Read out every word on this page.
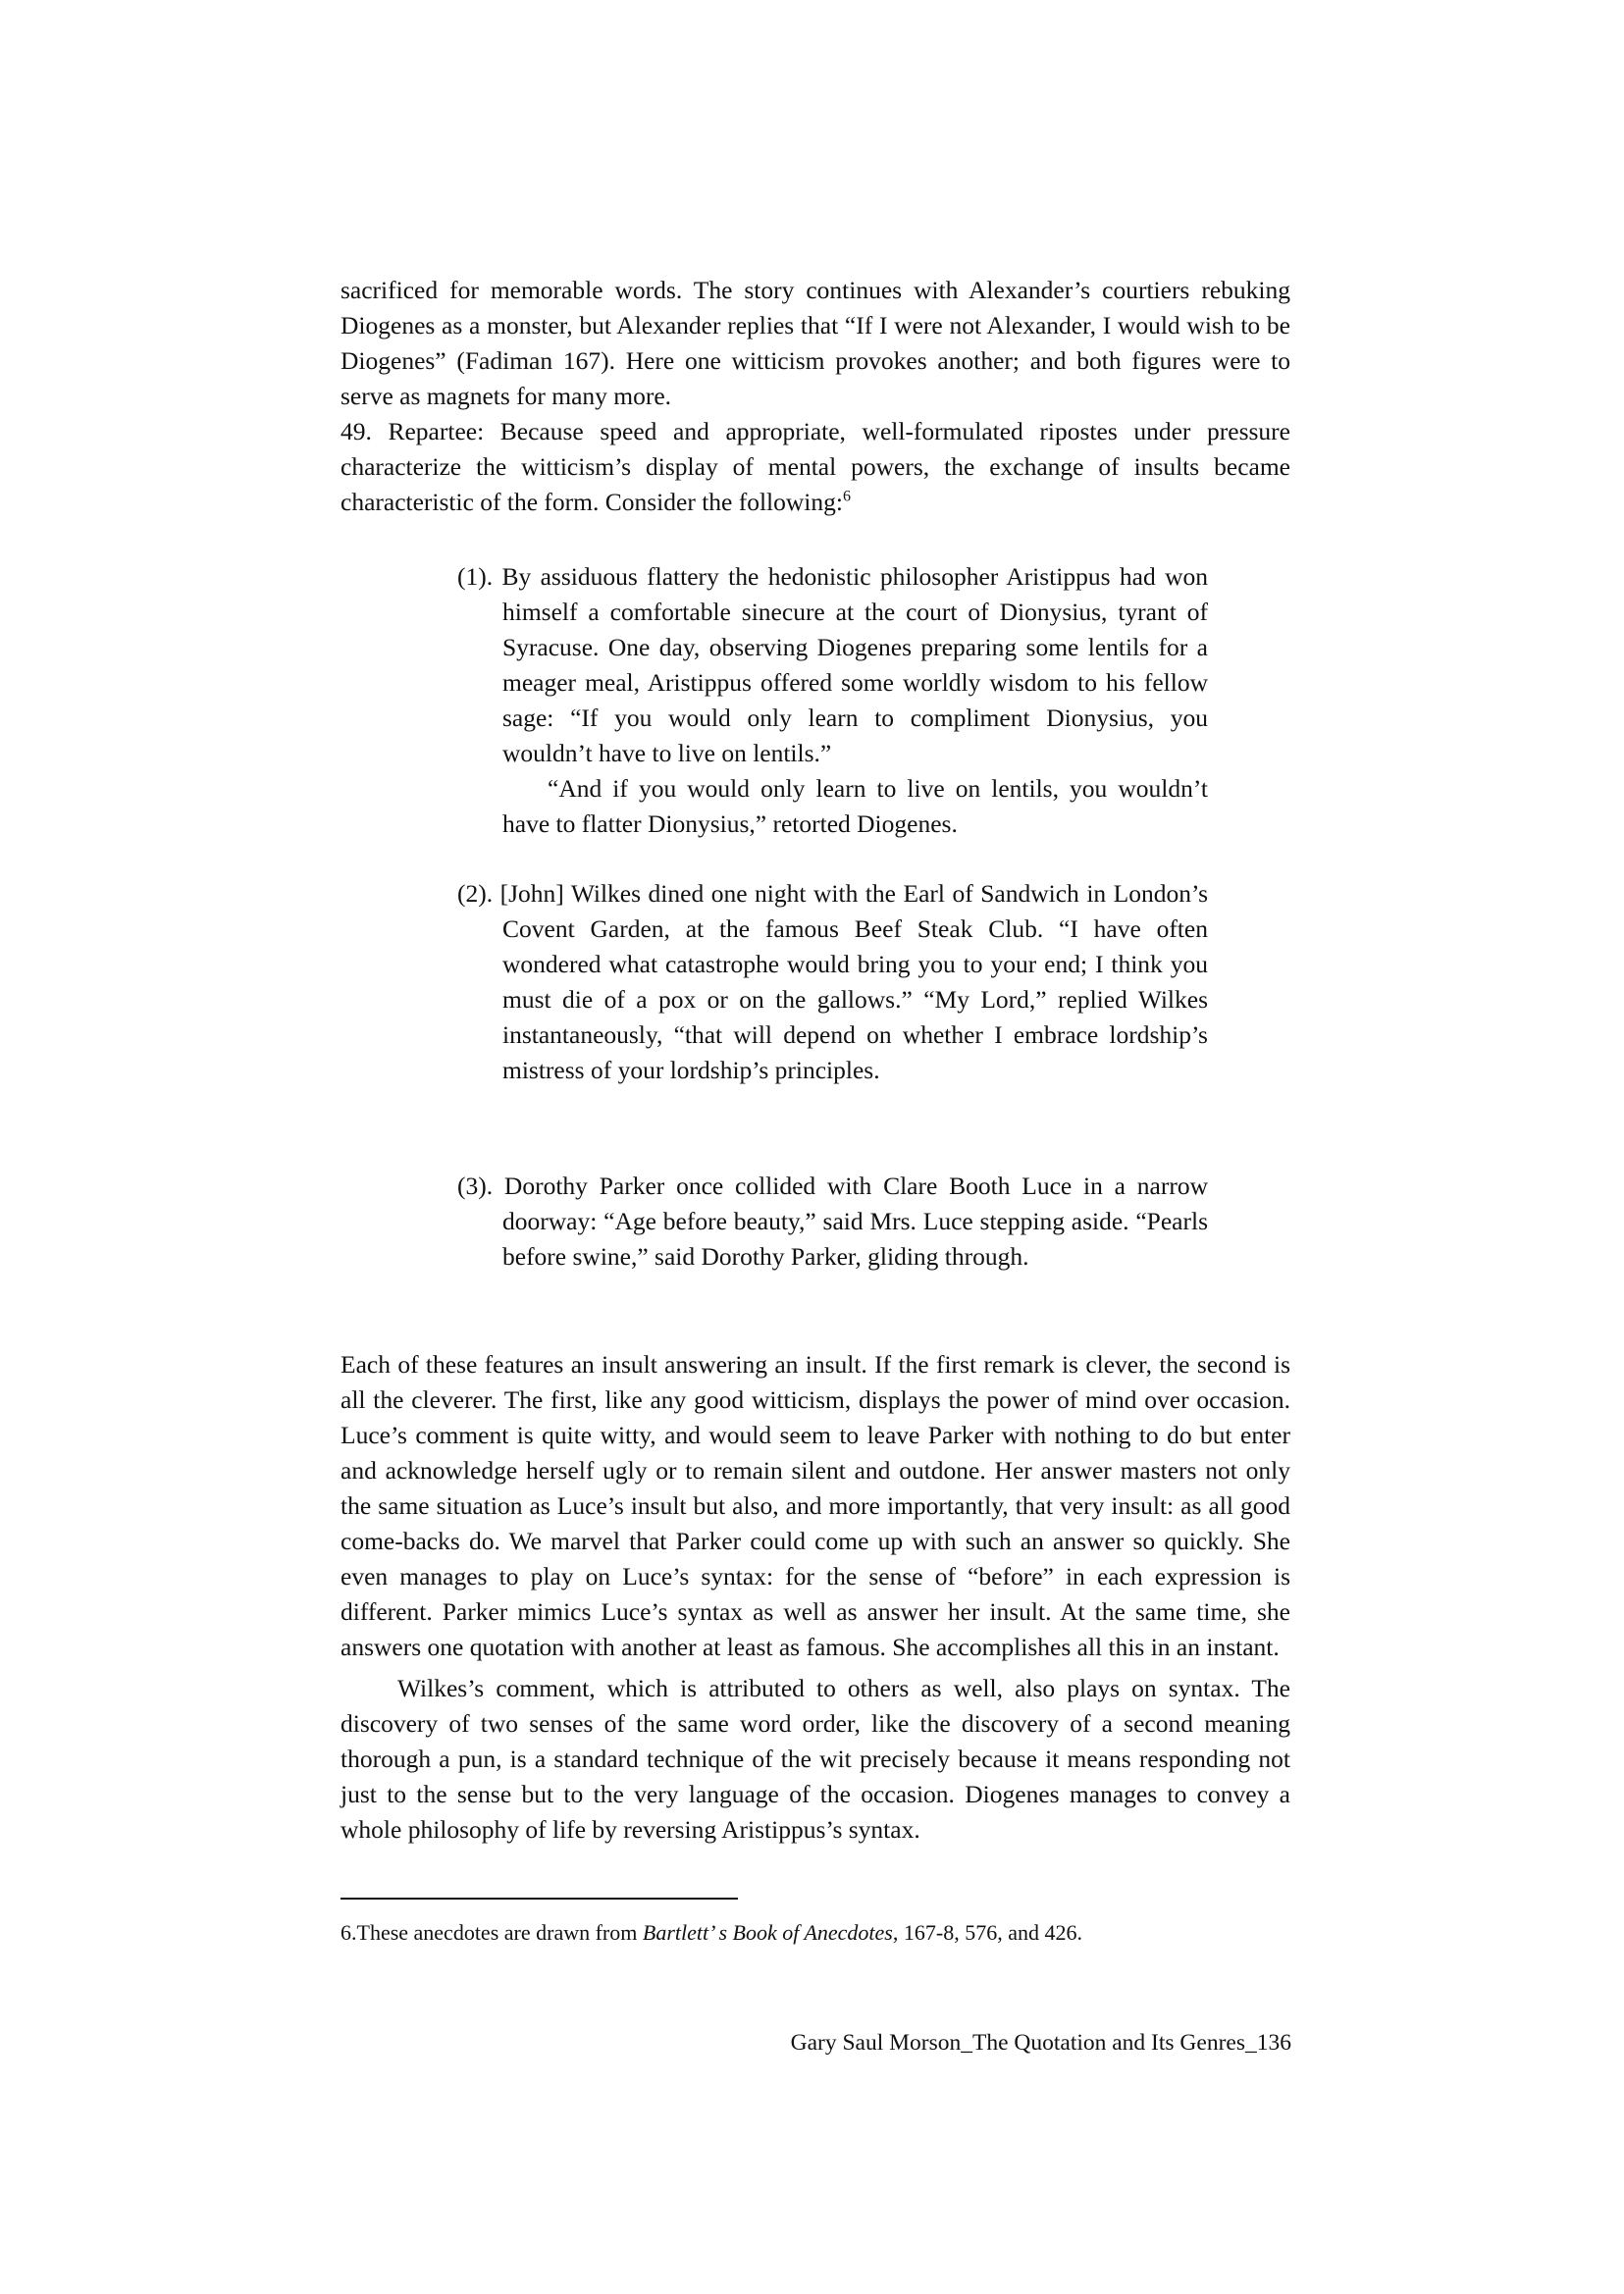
sacrificed for memorable words. The story continues with Alexander’s courtiers rebuking Diogenes as a monster, but Alexander replies that “If I were not Alexander, I would wish to be Diogenes” (Fadiman 167). Here one witticism provokes another; and both figures were to serve as magnets for many more.

49. Repartee: Because speed and appropriate, well-formulated ripostes under pressure characterize the witticism’s display of mental powers, the exchange of insults became characteristic of the form. Consider the following:$^6$

(1). By assiduous flattery the hedonistic philosopher Aristippus had won himself a comfortable sinecure at the court of Dionysius, tyrant of Syracuse. One day, observing Diogenes preparing some lentils for a meager meal, Aristippus offered some worldly wisdom to his fellow sage: “If you would only learn to compliment Dionysius, you wouldn’t have to live on lentils.”

“And if you would only learn to live on lentils, you wouldn’t have to flatter Dionysius,” retorted Diogenes.

(2). [John] Wilkes dined one night with the Earl of Sandwich in London’s Covent Garden, at the famous Beef Steak Club. “I have often wondered what catastrophe would bring you to your end; I think you must die of a pox or on the gallows.” “My Lord,” replied Wilkes instantaneously, “that will depend on whether I embrace lordship’s mistress of your lordship’s principles.

(3). Dorothy Parker once collided with Clare Booth Luce in a narrow doorway: “Age before beauty,” said Mrs. Luce stepping aside. “Pearls before swine,” said Dorothy Parker, gliding through.

Each of these features an insult answering an insult. If the first remark is clever, the second is all the cleverer. The first, like any good witticism, displays the power of mind over occasion. Luce’s comment is quite witty, and would seem to leave Parker with nothing to do but enter and acknowledge herself ugly or to remain silent and outdone. Her answer masters not only the same situation as Luce’s insult but also, and more importantly, that very insult: as all good come-backs do. We marvel that Parker could come up with such an answer so quickly. She even manages to play on Luce’s syntax: for the sense of “before” in each expression is different. Parker mimics Luce’s syntax as well as answer her insult. At the same time, she answers one quotation with another at least as famous. She accomplishes all this in an instant.

Wilkes’s comment, which is attributed to others as well, also plays on syntax. The discovery of two senses of the same word order, like the discovery of a second meaning thorough a pun, is a standard technique of the wit precisely because it means responding not just to the sense but to the very language of the occasion. Diogenes manages to convey a whole philosophy of life by reversing Aristippus’s syntax.

6.These anecdotes are drawn from Bartlett’ s Book of Anecdotes, 167-8, 576, and 426.
Gary Saul Morson_The Quotation and Its Genres_136
